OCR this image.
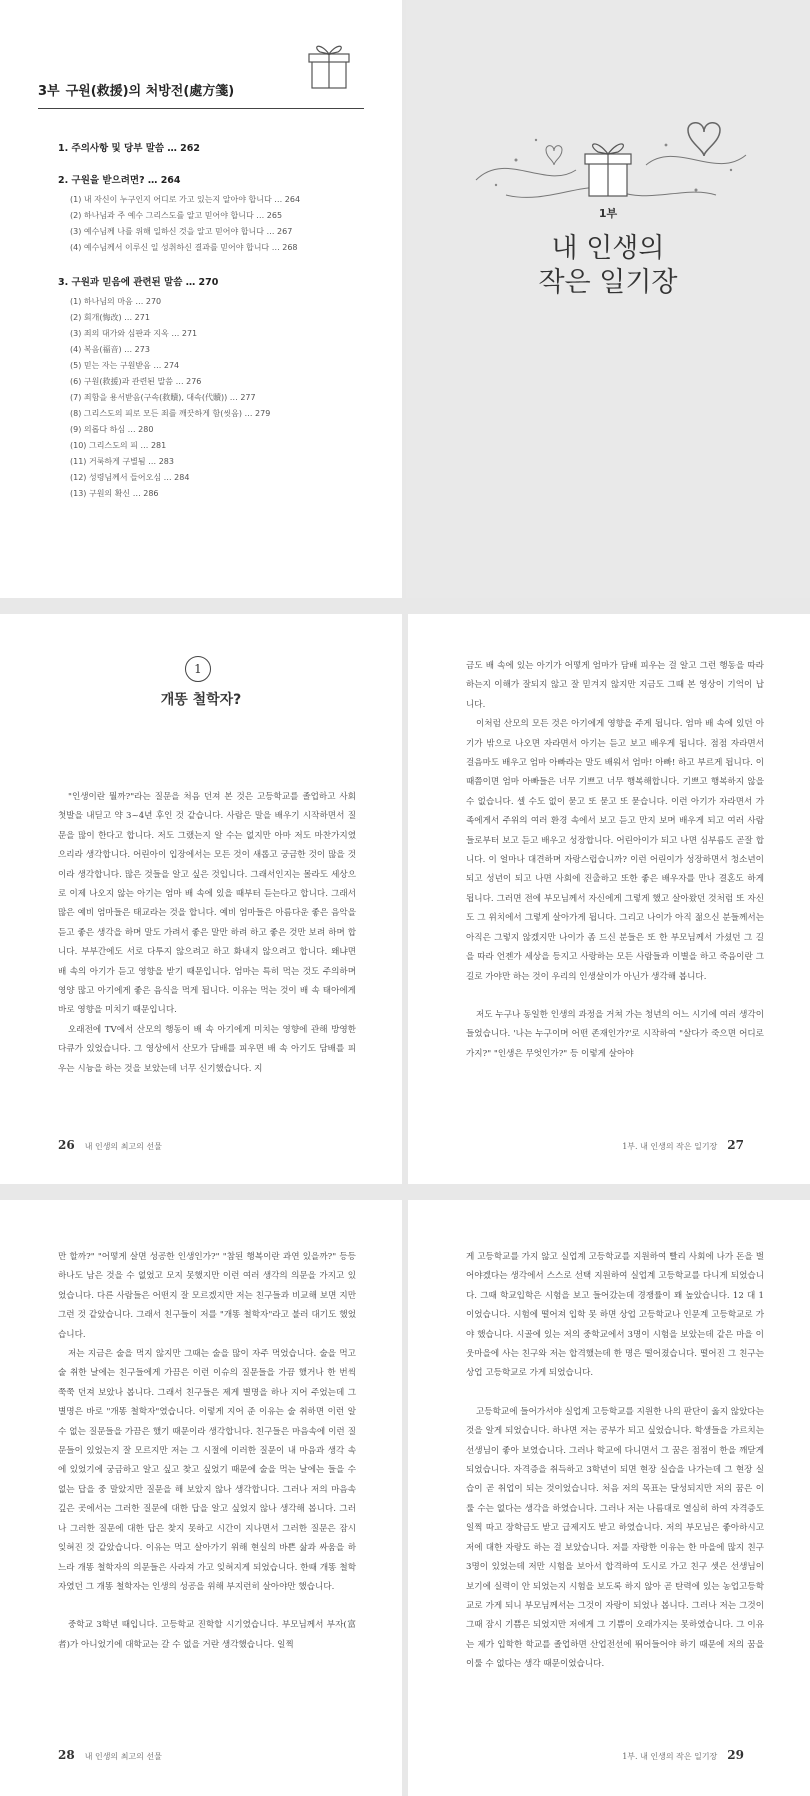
3부 구원(救援)의 처방전(處方箋)
1. 주의사항 및 당부 말씀 … 262
2. 구원을 받으려면? … 264
(1) 내 자신이 누구인지 어디로 가고 있는지 알아야 합니다 … 264
(2) 하나님과 주 예수 그리스도를 알고 믿어야 합니다 … 265
(3) 예수님께 나를 위해 일하신 것을 알고 믿어야 합니다 … 267
(4) 예수님께서 이루신 일 성취하신 결과를 믿어야 합니다 … 268
3. 구원과 믿음에 관련된 말씀 … 270
(1) 하나님의 마음 … 270
(2) 회개(悔改) … 271
(3) 죄의 대가와 심판과 지옥 … 271
(4) 복음(福音) … 273
(5) 믿는 자는 구원받음 … 274
(6) 구원(救援)과 관련된 말씀 … 276
(7) 죄함을 용서받음(구속(救贖), 대속(代贖)) … 277
(8) 그리스도의 피로 모든 죄를 깨끗하게 함(씻음) … 279
(9) 의롭다 하심 … 280
(10) 그리스도의 피 … 281
(11) 거룩하게 구별됨 … 283
(12) 성령님께서 들어오심 … 284
(13) 구원의 확신 … 286
1부
내 인생의
작은 일기장
1
개똥 철학자?

"인생이란 뭘까?"라는 질문을 처음 던져 본 것은 고등학교를 졸업하고 사회 첫발을 내딛고 약 3~4년 후인 것 같습니다. 사람은 말을 배우기 시작하면서 질문을 많이 한다고 합니다. 저도 그랬는지 알 수는 없지만 아마 저도 마찬가지였으리라 생각합니다. 어린아이 입장에서는 모든 것이 새롭고 궁금한 것이 많을 것이라 생각합니다. 많은 것들을 알고 싶은 것입니다. 그래서인지는 몰라도 세상으로 이제 나오지 않는 아기는 엄마 배 속에 있을 때부터 듣는다고 합니다. 그래서 많은 예비 엄마들은 태교라는 것을 합니다. 예비 엄마들은 아름다운 좋은 음악을 듣고 좋은 생각을 하며 말도 가려서 좋은 말만 하려 하고 좋은 것만 보려 하며 합니다. 부부간에도 서로 다투지 않으려고 하고 화내지 않으려고 합니다. 왜냐면 배 속의 아기가 듣고 영향을 받기 때문입니다. 엄마는 특히 먹는 것도 주의하며 영양 많고 아기에게 좋은 음식을 먹게 됩니다. 이유는 먹는 것이 배 속 태아에게 바로 영향을 미치기 때문입니다.

오래전에 TV에서 산모의 행동이 배 속 아기에게 미치는 영향에 관해 방영한 다큐가 있었습니다. 그 영상에서 산모가 담배를 피우면 배 속 아기도 담배를 피우는 시늉을 하는 것을 보았는데 너무 신기했습니다. 지

26 내 인생의 최고의 선물

금도 배 속에 있는 아기가 어떻게 엄마가 담배 피우는 걸 알고 그런 행동을 따라 하는지 이해가 잘되지 않고 잘 믿겨지 않지만 지금도 그때 본 영상이 기억이 납니다.

이처럼 산모의 모든 것은 아기에게 영향을 주게 됩니다. 엄마 배 속에 있던 아기가 밖으로 나오면 자라면서 아기는 듣고 보고 배우게 됩니다. 점점 자라면서 걸음마도 배우고 엄마 아빠라는 말도 배워서 엄마! 아빠! 하고 부르게 됩니다. 이때쯤이면 엄마 아빠들은 너무 기쁘고 너무 행복해합니다. 기쁘고 행복하지 않을 수 없습니다. 셀 수도 없이 묻고 또 묻고 또 묻습니다. 이런 아기가 자라면서 가족에게서 주위의 여러 환경 속에서 보고 듣고 만지 보며 배우게 되고 여러 사람들로부터 보고 듣고 배우고 성장합니다. 어린아이가 되고 나면 심부름도 곧잘 합니다. 이 얼마나 대견하며 자랑스럽습니까? 이런 어린이가 성장하면서 청소년이 되고 성년이 되고 나면 사회에 진출하고 또한 좋은 배우자를 만나 결혼도 하게 됩니다. 그러면 전에 부모님께서 자신에게 그렇게 했고 살아왔던 것처럼 또 자신도 그 위치에서 그렇게 살아가게 됩니다. 그리고 나이가 아직 젊으신 분들께서는 아직은 그렇지 않겠지만 나이가 좀 드신 분들은 또 한 부모님께서 가셨던 그 길을 따라 언젠가 세상을 등지고 사랑하는 모든 사람들과 이별을 하고 죽음이란 그 길로 가야만 하는 것이 우리의 인생살이가 아닌가 생각해 봅니다.

저도 누구나 동일한 인생의 과정을 거쳐 가는 청년의 어느 시기에 여러 생각이 들었습니다. '나는 누구이며 어떤 존재인가?'로 시작하여 "살다가 죽으면 어디로 가지?" "인생은 무엇인가?" 등 이렇게 살아야

1부. 내 인생의 작은 일기장 27

만 할까?" "어떻게 살면 성공한 인생인가?" "참된 행복이란 과연 있을까?" 등등 하나도 남은 것을 수 없었고 모지 못했지만 이런 여러 생각의 의문을 가지고 있었습니다. 다른 사람들은 어떤지 잘 모르겠지만 저는 친구들과 비교해 보면 지만 그런 것 같았습니다. 그래서 친구들이 저를 "개똥 철학자"라고 불러 대기도 했었습니다.

저는 지금은 술을 먹지 않지만 그때는 술을 많이 자주 먹었습니다. 술을 먹고 술 취한 날에는 친구들에게 가끔은 이런 이슈의 질문들을 가끔 했거나 한 번씩 쭉쭉 던져 보았나 봅니다. 그래서 친구들은 제게 별명을 하나 지어 주었는데 그 별명은 바로 "개똥 철학자"였습니다. 이렇게 지어 준 이유는 술 취하면 이런 알 수 없는 질문들을 가끔은 했기 때문이라 생각합니다. 친구들은 마음속에 이런 질문들이 있었는지 잘 모르지만 저는 그 시절에 이러한 질문이 내 마음과 생각 속에 있었기에 궁금하고 알고 싶고 찾고 싶었기 때문에 술을 먹는 날에는 들을 수 없는 답을 중 말았지만 질문을 해 보았지 않나 생각합니다. 그러나 저의 마음속 깊은 곳에서는 그러한 질문에 대한 답을 알고 싶었지 않나 생각해 봅니다. 그러나 그러한 질문에 대한 답은 찾지 못하고 시간이 지나면서 그러한 질문은 잠시 잊혀진 것 같았습니다. 이유는 먹고 살아가기 위해 현실의 바쁜 삶과 싸움을 하느라 개똥 철학자의 의문들은 사라져 가고 잊혀지게 되었습니다. 한때 개똥 철학자였던 그 개똥 철학자는 인생의 성공을 위해 부지런히 살아야만 했습니다.

중학교 3학년 때입니다. 고등학교 진학할 시기였습니다. 부모님께서 부자(富者)가 아니었기에 대학교는 갈 수 없을 거란 생각했습니다. 일찍

28 내 인생의 최고의 선물

게 고등학교를 가지 않고 실업계 고등학교를 지원하여 빨리 사회에 나가 돈을 벌어야겠다는 생각에서 스스로 선택 지원하여 실업계 고등학교를 다니게 되었습니다. 그때 학교입학은 시험을 보고 들어갔는데 경쟁률이 꽤 높았습니다. 12 대 1이었습니다. 시험에 떨어져 입학 못 하면 상업 고등학교나 인문계 고등학교로 가야 했습니다. 시골에 있는 저의 중학교에서 3명이 시험을 보았는데 같은 마을 이웃마을에 사는 친구와 저는 합격했는데 한 명은 떨어졌습니다. 떨어진 그 친구는 상업 고등학교로 가게 되었습니다.

고등학교에 들어가서야 실업계 고등학교를 지원한 나의 판단이 옳지 않았다는 것을 알게 되었습니다. 하나면 저는 공부가 되고 싶었습니다. 학생들을 가르치는 선생님이 좋아 보였습니다. 그러나 학교에 다니면서 그 꿈은 점점이 한을 깨닫게 되었습니다. 자격증을 취득하고 3학년이 되면 현장 실습을 나가는데 그 현장 실습이 곧 취업이 되는 것이었습니다. 처음 저의 목표는 달성되지만 저의 꿈은 이룰 수는 없다는 생각을 하였습니다. 그러나 저는 나름대로 열심히 하여 자격증도 일찍 따고 장학금도 받고 급제지도 받고 하였습니다. 저의 부모님은 좋아하시고 저에 대한 자랑도 하는 걸 보았습니다. 저를 자랑한 이유는 한 마을에 많지 친구 3명이 있었는데 저만 시험을 보아서 합격하여 도시로 가고 친구 셋은 선생님이 보기에 실력이 안 되었는지 시험을 보도록 하지 않아 곧 탄력에 있는 농업고등학교로 가게 되니 부모님께서는 그것이 자랑이 되었나 봅니다. 그러나 저는 그것이 그때 잠시 기쁨은 되었지만 저에게 그 기쁨이 오래가지는 못하였습니다. 그 이유는 제가 입학한 학교를 졸업하면 산업전선에 뛰어들어야 하기 때문에 저의 꿈을 이룰 수 없다는 생각 때문이었습니다.

1부. 내 인생의 작은 일기장 29
